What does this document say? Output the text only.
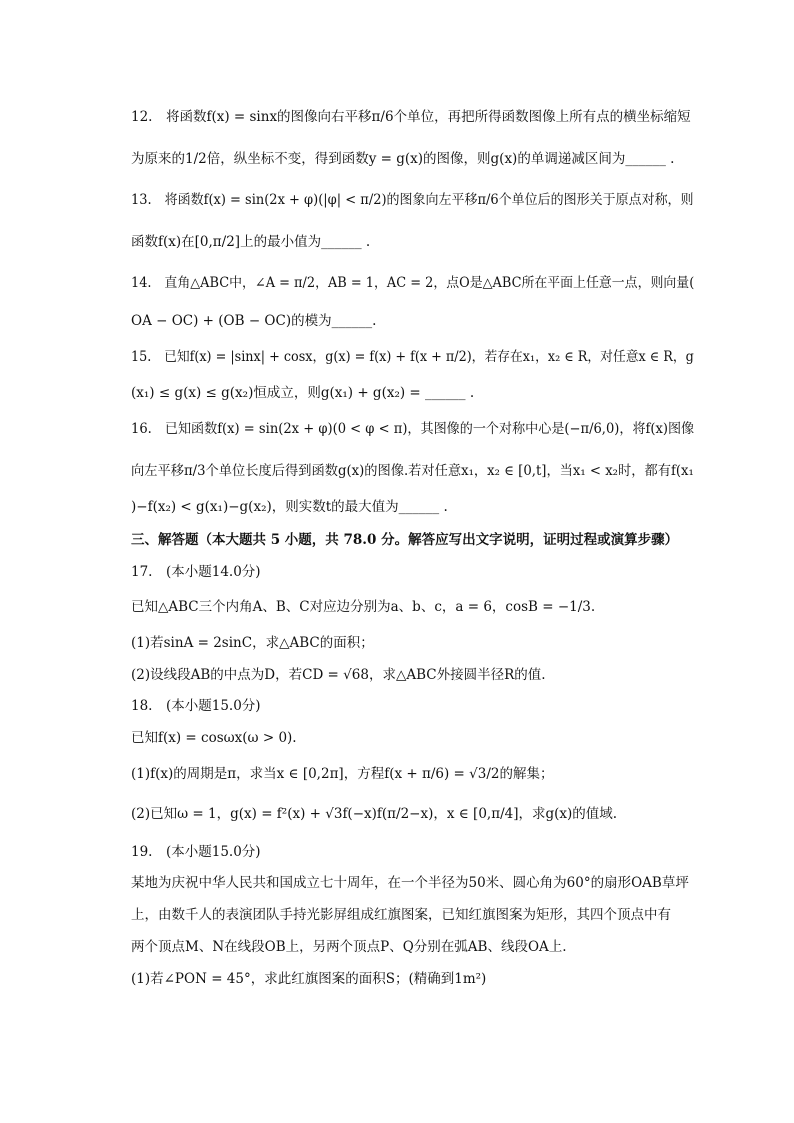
12.　将函数f(x) = sinx的图像向右平移π/6个单位，再把所得函数图像上所有点的横坐标缩短
为原来的1/2倍，纵坐标不变，得到函数y = g(x)的图像，则g(x)的单调递减区间为______ .
13.　将函数f(x) = sin(2x + φ)(|φ| < π/2)的图象向左平移π/6个单位后的图形关于原点对称，则
函数f(x)在[0,π/2]上的最小值为______ .
14.　直角△ABC中，∠A = π/2，AB = 1，AC = 2，点O是△ABC所在平面上任意一点，则向量(
OA − OC) + (OB − OC)的模为______.
15.　已知f(x) = |sinx| + cosx，g(x) = f(x) + f(x + π/2)，若存在x₁，x₂ ∈ R，对任意x ∈ R，g
(x₁) ≤ g(x) ≤ g(x₂)恒成立，则g(x₁) + g(x₂) = ______ .
16.　已知函数f(x) = sin(2x + φ)(0 < φ < π)，其图像的一个对称中心是(−π/6,0)，将f(x)图像
向左平移π/3个单位长度后得到函数g(x)的图像.若对任意x₁，x₂ ∈ [0,t]，当x₁ < x₂时，都有f(x₁
)−f(x₂) < g(x₁)−g(x₂)，则实数t的最大值为______ .
三、解答题（本大题共 5 小题，共 78.0 分。解答应写出文字说明，证明过程或演算步骤）
17.　(本小题14.0分)
已知△ABC三个内角A、B、C对应边分别为a、b、c，a = 6，cosB = −1/3.
(1)若sinA = 2sinC，求△ABC的面积；
(2)设线段AB的中点为D，若CD = √68，求△ABC外接圆半径R的值.
18.　(本小题15.0分)
已知f(x) = cosωx(ω > 0).
(1)f(x)的周期是π，求当x ∈ [0,2π]，方程f(x + π/6) = √3/2的解集；
(2)已知ω = 1，g(x) = f²(x) + √3f(−x)f(π/2−x)，x ∈ [0,π/4]，求g(x)的值域.
19.　(本小题15.0分)
某地为庆祝中华人民共和国成立七十周年，在一个半径为50米、圆心角为60°的扇形OAB草坪
上，由数千人的表演团队手持光影屏组成红旗图案，已知红旗图案为矩形，其四个顶点中有
两个顶点M、N在线段OB上，另两个顶点P、Q分别在弧AB、线段OA上.
(1)若∠PON = 45°，求此红旗图案的面积S；(精确到1m²)
